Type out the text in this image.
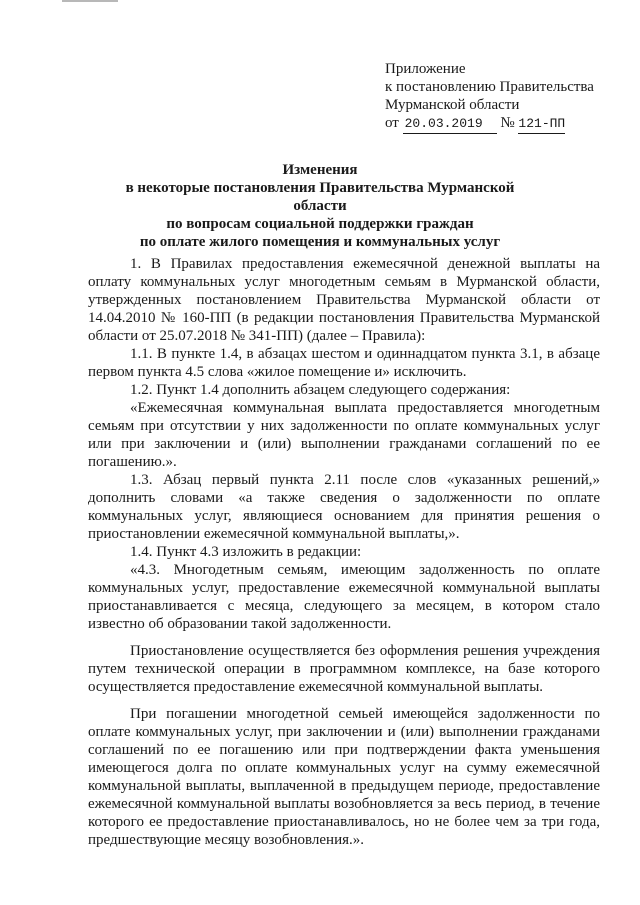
Приложение
к постановлению Правительства
Мурманской области
от 20.03.2019 № 121-ПП
Изменения
в некоторые постановления Правительства Мурманской области
по вопросам социальной поддержки граждан
по оплате жилого помещения и коммунальных услуг

1. В Правилах предоставления ежемесячной денежной выплаты на оплату коммунальных услуг многодетным семьям в Мурманской области, утвержденных постановлением Правительства Мурманской области от 14.04.2010 № 160-ПП (в редакции постановления Правительства Мурманской области от 25.07.2018 № 341-ПП) (далее – Правила):

1.1. В пункте 1.4, в абзацах шестом и одиннадцатом пункта 3.1, в абзаце первом пункта 4.5 слова «жилое помещение и» исключить.

1.2. Пункт 1.4 дополнить абзацем следующего содержания:

«Ежемесячная коммунальная выплата предоставляется многодетным семьям при отсутствии у них задолженности по оплате коммунальных услуг или при заключении и (или) выполнении гражданами соглашений по ее погашению.».

1.3. Абзац первый пункта 2.11 после слов «указанных решений,» дополнить словами «а также сведения о задолженности по оплате коммунальных услуг, являющиеся основанием для принятия решения о приостановлении ежемесячной коммунальной выплаты,».

1.4. Пункт 4.3 изложить в редакции:

«4.3. Многодетным семьям, имеющим задолженность по оплате коммунальных услуг, предоставление ежемесячной коммунальной выплаты приостанавливается с месяца, следующего за месяцем, в котором стало известно об образовании такой задолженности.

Приостановление осуществляется без оформления решения учреждения путем технической операции в программном комплексе, на базе которого осуществляется предоставление ежемесячной коммунальной выплаты.

При погашении многодетной семьей имеющейся задолженности по оплате коммунальных услуг, при заключении и (или) выполнении гражданами соглашений по ее погашению или при подтверждении факта уменьшения имеющегося долга по оплате коммунальных услуг на сумму ежемесячной коммунальной выплаты, выплаченной в предыдущем периоде, предоставление ежемесячной коммунальной выплаты возобновляется за весь период, в течение которого ее предоставление приостанавливалось, но не более чем за три года, предшествующие месяцу возобновления.».
